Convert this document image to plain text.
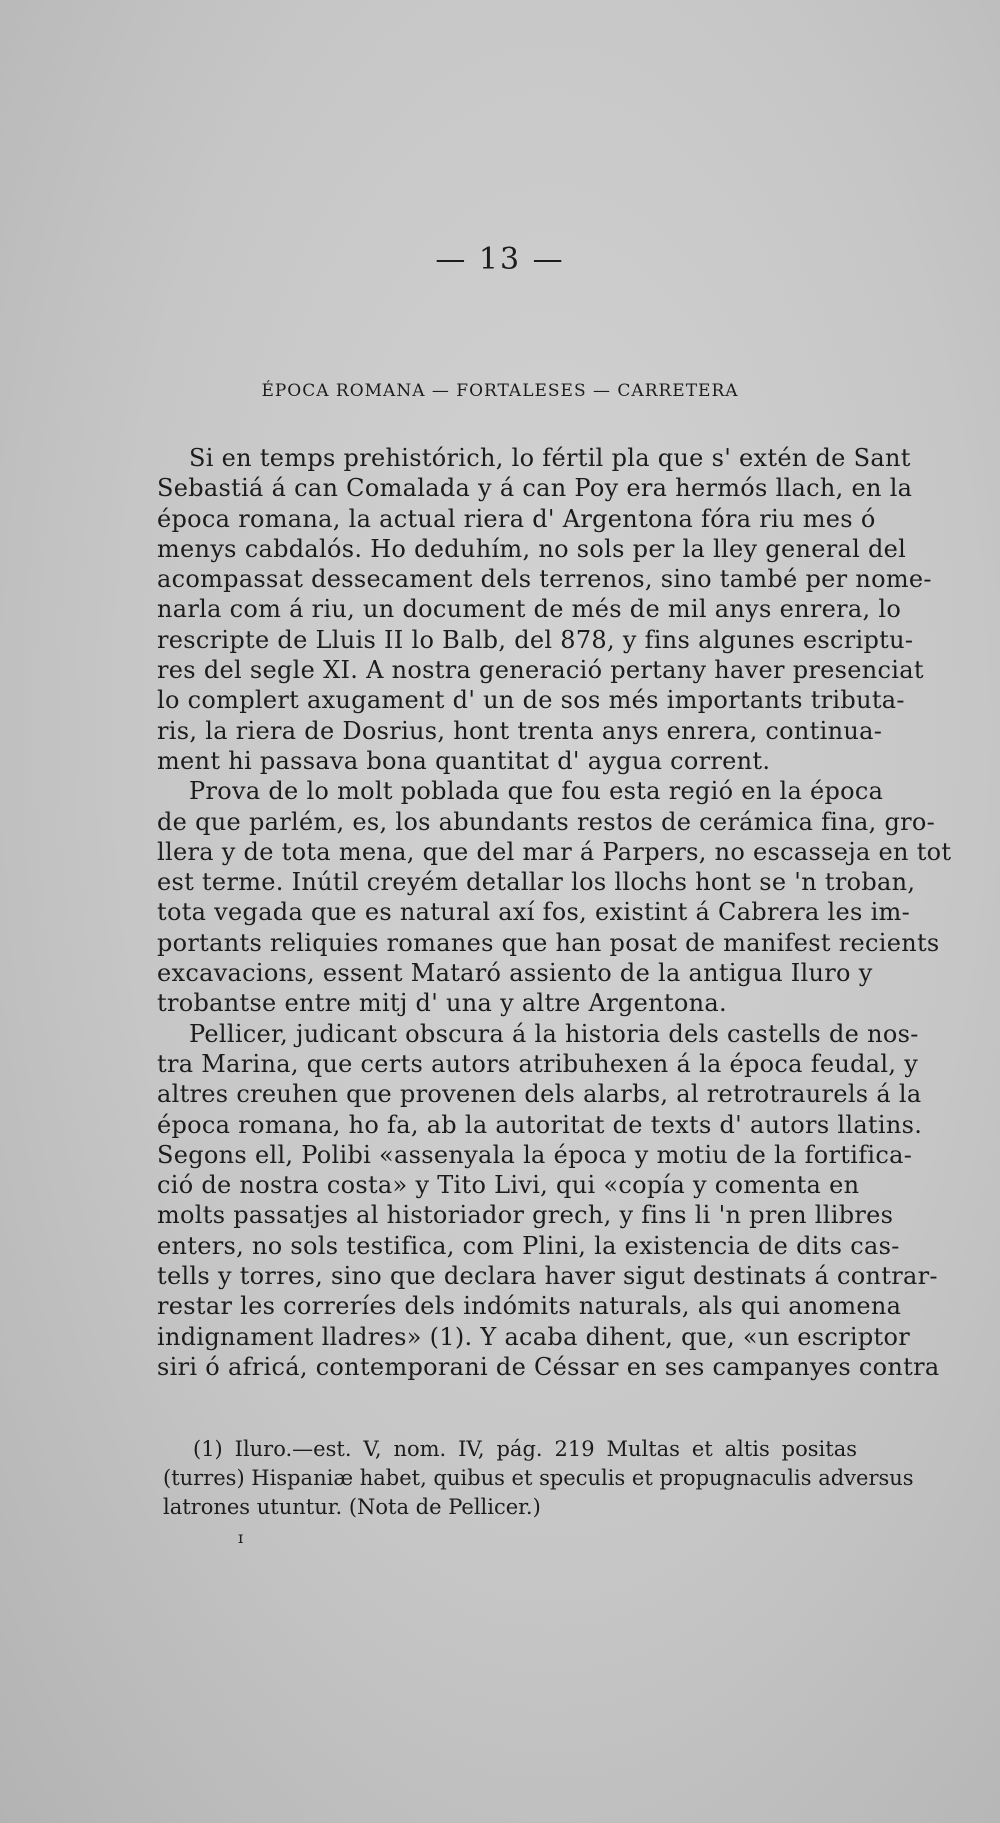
— 13 —
ÉPOCA ROMANA — FORTALESES — CARRETERA
Si en temps prehistórich, lo fértil pla que s' extén de Sant
Sebastiá á can Comalada y á can Poy era hermós llach, en la
época romana, la actual riera d' Argentona fóra riu mes ó
menys cabdalós. Ho deduhím, no sols per la lley general del
acompassat dessecament dels terrenos, sino també per nome-
narla com á riu, un document de més de mil anys enrera, lo
rescripte de Lluis II lo Balb, del 878, y fins algunes escriptu-
res del segle XI. A nostra generació pertany haver presenciat
lo complert axugament d' un de sos més importants tributa-
ris, la riera de Dosrius, hont trenta anys enrera, continua-
ment hi passava bona quantitat d' aygua corrent.
Prova de lo molt poblada que fou esta regió en la época
de que parlém, es, los abundants restos de cerámica fina, gro-
llera y de tota mena, que del mar á Parpers, no escasseja en tot
est terme. Inútil creyém detallar los llochs hont se 'n troban,
tota vegada que es natural axí fos, existint á Cabrera les im-
portants reliquies romanes que han posat de manifest recients
excavacions, essent Mataró assiento de la antigua Iluro y
trobantse entre mitj d' una y altre Argentona.
Pellicer, judicant obscura á la historia dels castells de nos-
tra Marina, que certs autors atribuhexen á la época feudal, y
altres creuhen que provenen dels alarbs, al retrotraurels á la
época romana, ho fa, ab la autoritat de texts d' autors llatins.
Segons ell, Polibi «assenyala la época y motiu de la fortifica-
ció de nostra costa» y Tito Livi, qui «copía y comenta en
molts passatjes al historiador grech, y fins li 'n pren llibres
enters, no sols testifica, com Plini, la existencia de dits cas-
tells y torres, sino que declara haver sigut destinats á contrar-
restar les correríes dels indómits naturals, als qui anomena
indignament lladres» (1). Y acaba dihent, que, «un escriptor
siri ó africá, contemporani de Céssar en ses campanyes contra
(1) Iluro.—est. V, nom. IV, pág. 219 Multas et altis positas
(turres) Hispaniæ habet, quibus et speculis et propugnaculis adversus
latrones utuntur. (Nota de Pellicer.)
ɪ
